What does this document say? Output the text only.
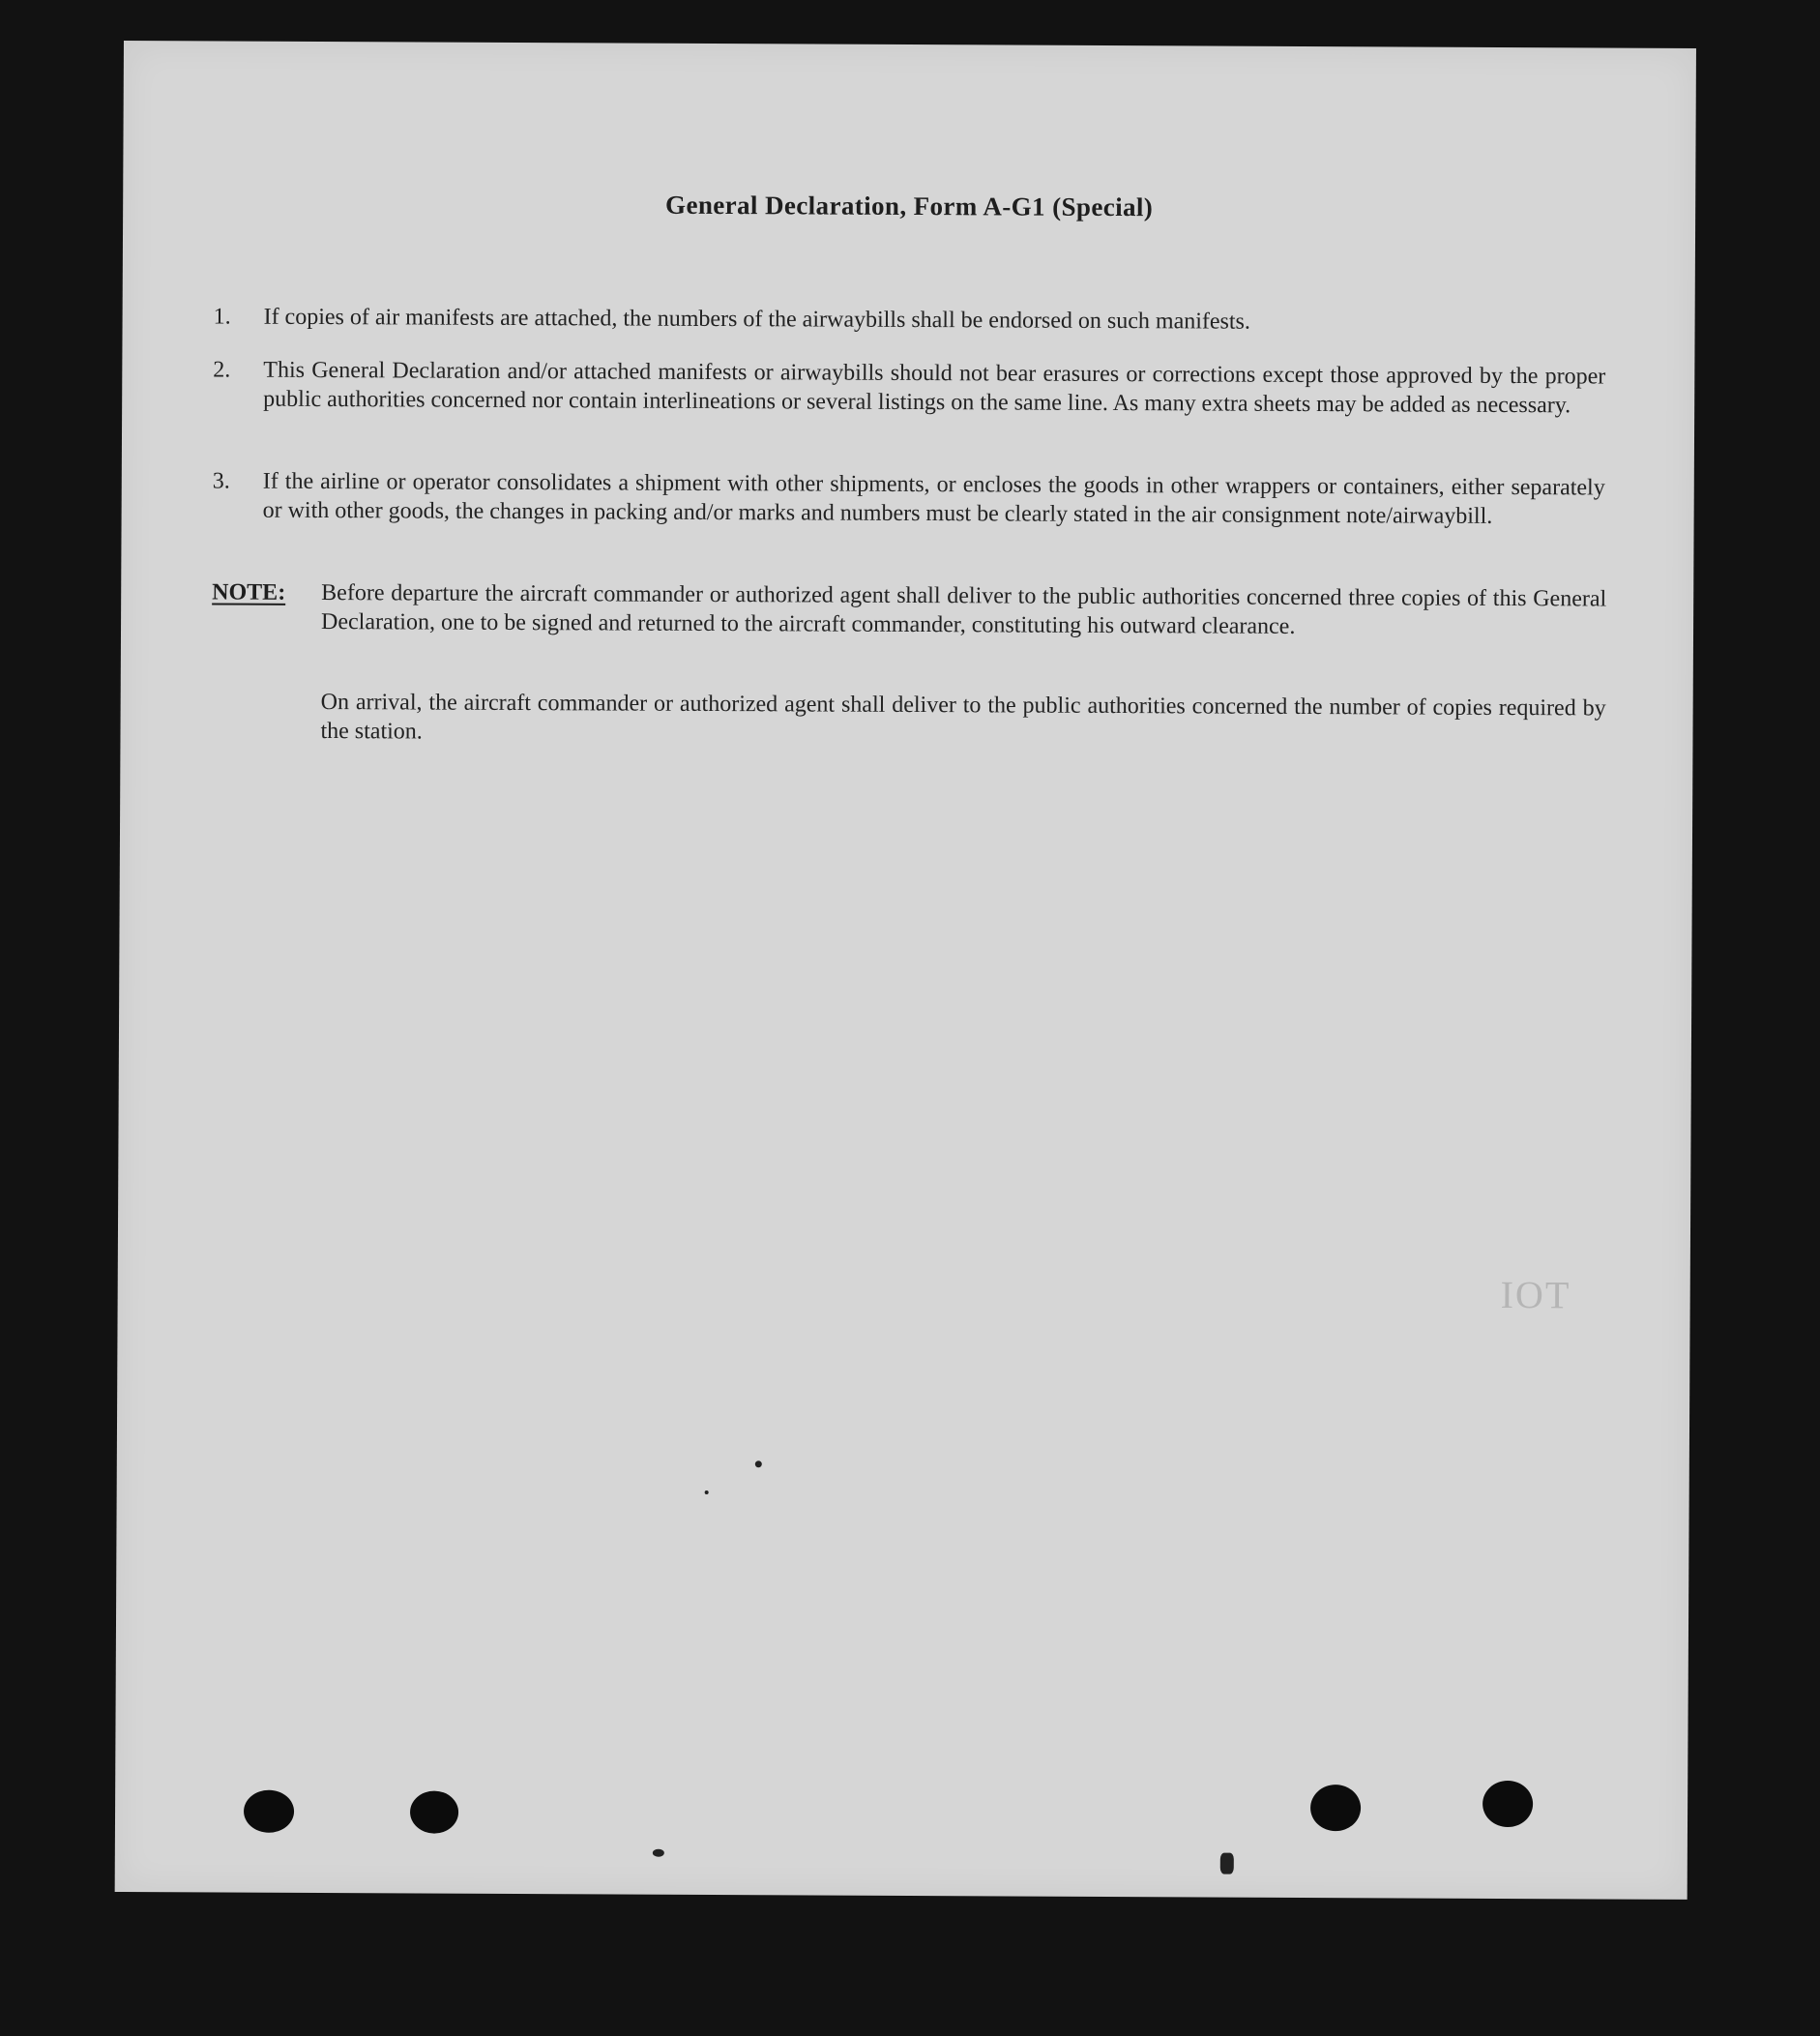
General Declaration, Form A-G1 (Special)
1.	If copies of air manifests are attached, the numbers of the airwaybills shall be endorsed on such manifests.
2.	This General Declaration and/or attached manifests or airwaybills should not bear erasures or corrections except those approved by the proper public authorities concerned nor contain interlineations or several listings on the same line. As many extra sheets may be added as necessary.
3.	If the airline or operator consolidates a shipment with other shipments, or encloses the goods in other wrappers or containers, either separately or with other goods, the changes in packing and/or marks and numbers must be clearly stated in the air consignment note/airwaybill.
NOTE: Before departure the aircraft commander or authorized agent shall deliver to the public authorities concerned three copies of this General Declaration, one to be signed and returned to the aircraft commander, constituting his outward clearance.
On arrival, the aircraft commander or authorized agent shall deliver to the public authorities concerned the number of copies required by the station.
IOT
